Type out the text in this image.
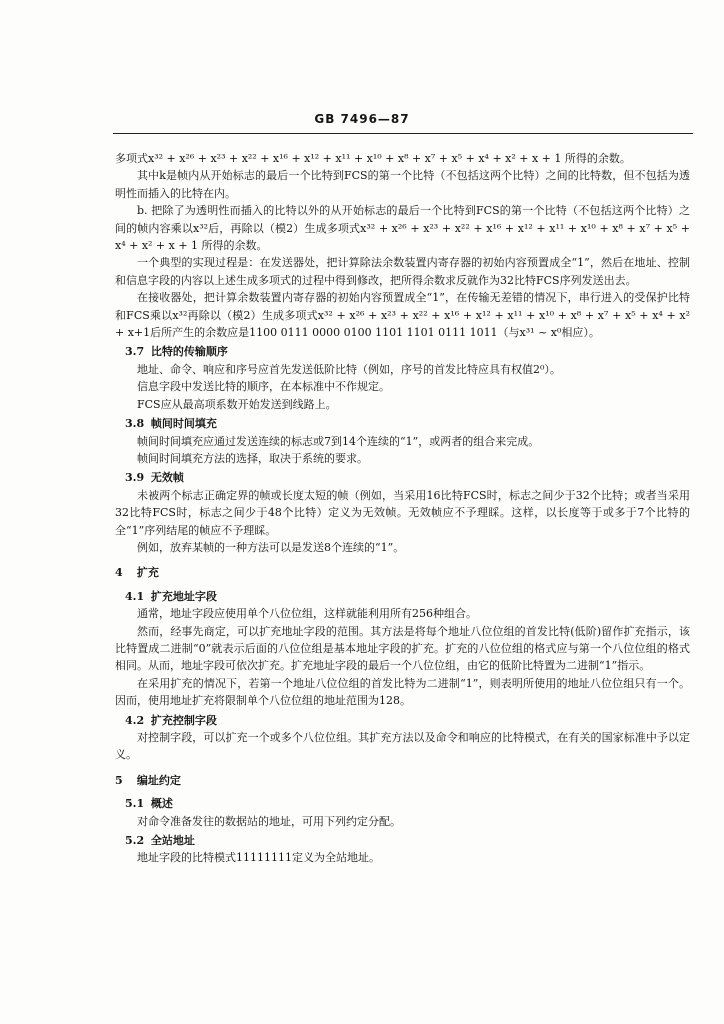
GB 7496—87

多项式x³² + x²⁶ + x²³ + x²² + x¹⁶ + x¹² + x¹¹ + x¹⁰ + x⁸ + x⁷ + x⁵ + x⁴ + x² + x + 1 所得的余数。

其中k是帧内从开始标志的最后一个比特到FCS的第一个比特（不包括这两个比特）之间的比特数，但不包括为透明性而插入的比特在内。

b. 把除了为透明性而插入的比特以外的从开始标志的最后一个比特到FCS的第一个比特（不包括这两个比特）之间的帧内容乘以x³²后，再除以（模2）生成多项式x³² + x²⁶ + x²³ + x²² + x¹⁶ + x¹² + x¹¹ + x¹⁰ + x⁸ + x⁷ + x⁵ + x⁴ + x² + x + 1 所得的余数。

一个典型的实现过程是：在发送器处，把计算除法余数装置内寄存器的初始内容预置成全“1”，然后在地址、控制和信息字段的内容以上述生成多项式的过程中得到修改，把所得余数求反就作为32比特FCS序列发送出去。

在接收器处，把计算余数装置内寄存器的初始内容预置成全“1”，在传输无差错的情况下，串行进入的受保护比特和FCS乘以x³²再除以（模2）生成多项式x³² + x²⁶ + x²³ + x²² + x¹⁶ + x¹² + x¹¹ + x¹⁰ + x⁸ + x⁷ + x⁵ + x⁴ + x² + x+1后所产生的余数应是1100 0111 0000 0100 1101 1101 0111 1011（与x³¹ ~ x⁰相应）。

3.7 比特的传输顺序

地址、命令、响应和序号应首先发送低阶比特（例如，序号的首发比特应具有权值2⁰）。

信息字段中发送比特的顺序，在本标准中不作规定。

FCS应从最高项系数开始发送到线路上。

3.8 帧间时间填充

帧间时间填充应通过发送连续的标志或7到14个连续的“1”，或两者的组合来完成。

帧间时间填充方法的选择，取决于系统的要求。

3.9 无效帧

未被两个标志正确定界的帧或长度太短的帧（例如，当采用16比特FCS时，标志之间少于32个比特；或者当采用32比特FCS时，标志之间少于48个比特）定义为无效帧。无效帧应不予理睬。这样，以长度等于或多于7个比特的全“1”序列结尾的帧应不予理睬。

例如，放弃某帧的一种方法可以是发送8个连续的“1”。

4 扩充
4.1 扩充地址字段

通常，地址字段应使用单个八位位组，这样就能利用所有256种组合。

然而，经事先商定，可以扩充地址字段的范围。其方法是将每个地址八位位组的首发比特(低阶)留作扩充指示，该比特置成二进制“0”就表示后面的八位位组是基本地址字段的扩充。扩充的八位位组的格式应与第一个八位位组的格式相同。从而，地址字段可依次扩充。扩充地址字段的最后一个八位位组，由它的低阶比特置为二进制“1”指示。

在采用扩充的情况下，若第一个地址八位位组的首发比特为二进制“1”，则表明所使用的地址八位位组只有一个。因而，使用地址扩充将限制单个八位位组的地址范围为128。

4.2 扩充控制字段

对控制字段，可以扩充一个或多个八位位组。其扩充方法以及命令和响应的比特模式，在有关的国家标准中予以定义。

5 编址约定
5.1 概述

对命令准备发往的数据站的地址，可用下列约定分配。

5.2 全站地址

地址字段的比特模式11111111定义为全站地址。
